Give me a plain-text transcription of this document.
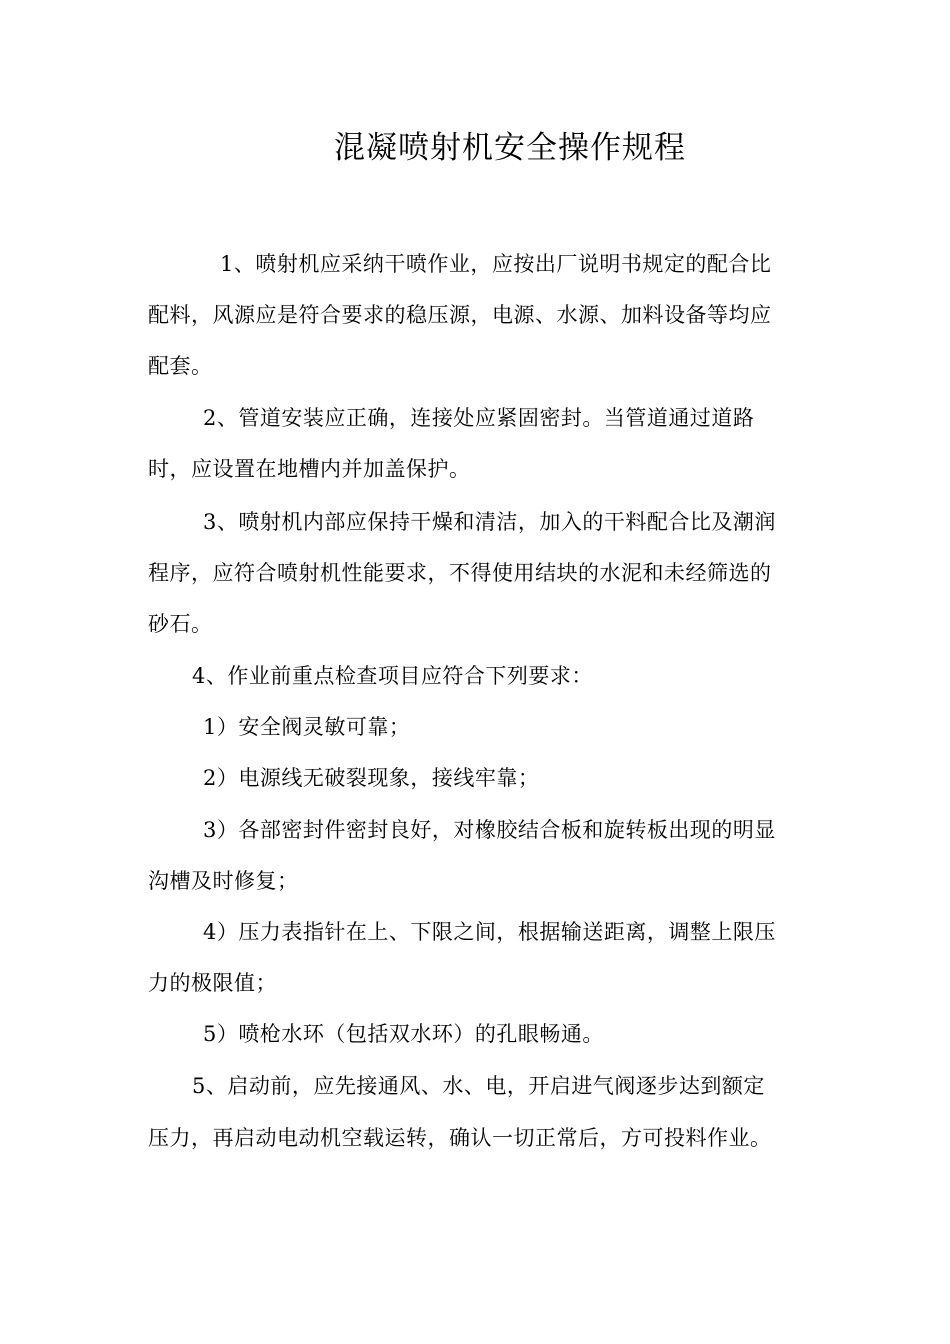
混凝喷射机安全操作规程
1、喷射机应采纳干喷作业，应按出厂说明书规定的配合比
配料，风源应是符合要求的稳压源，电源、水源、加料设备等均应
配套。
2、管道安装应正确，连接处应紧固密封。当管道通过道路
时，应设置在地槽内并加盖保护。
3、喷射机内部应保持干燥和清洁，加入的干料配合比及潮润
程序，应符合喷射机性能要求，不得使用结块的水泥和未经筛选的
砂石。
4、作业前重点检查项目应符合下列要求：
1）安全阀灵敏可靠；
2）电源线无破裂现象，接线牢靠；
3）各部密封件密封良好，对橡胶结合板和旋转板出现的明显
沟槽及时修复；
4）压力表指针在上、下限之间，根据输送距离，调整上限压
力的极限值；
5）喷枪水环（包括双水环）的孔眼畅通。
5、启动前，应先接通风、水、电，开启进气阀逐步达到额定
压力，再启动电动机空载运转，确认一切正常后，方可投料作业。
